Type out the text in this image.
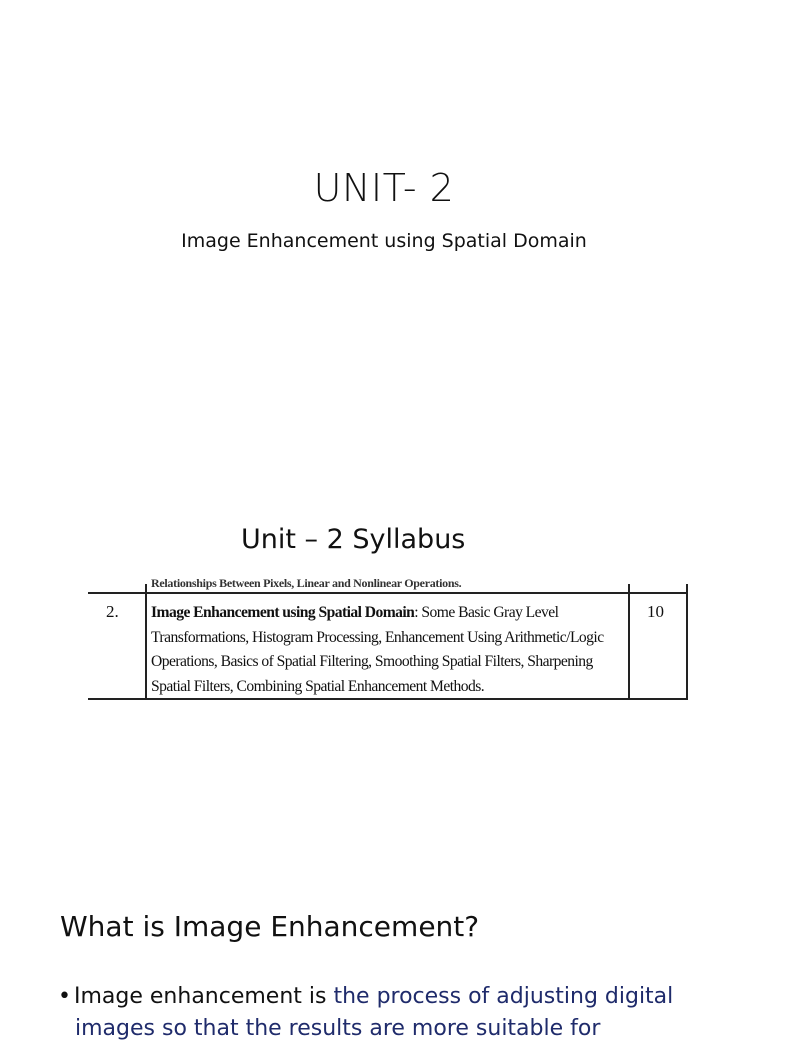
UNIT- 2
Image Enhancement using Spatial Domain
Unit – 2 Syllabus
Relationships Between Pixels, Linear and Nonlinear Operations.
2. Image Enhancement using Spatial Domain: Some Basic Gray Level
Transformations, Histogram Processing, Enhancement Using Arithmetic/Logic
Operations, Basics of Spatial Filtering, Smoothing Spatial Filters, Sharpening
Spatial Filters, Combining Spatial Enhancement Methods.
10
What is Image Enhancement?
• Image enhancement is the process of adjusting digital
images so that the results are more suitable for
